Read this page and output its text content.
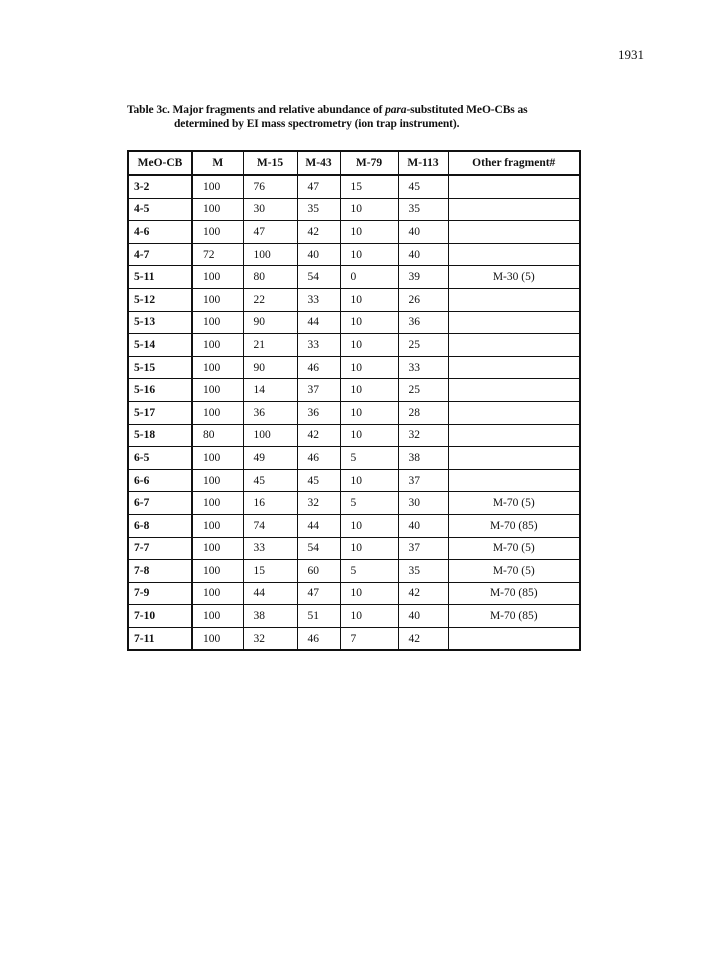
1931
Table 3c. Major fragments and relative abundance of para-substituted MeO-CBs as
determined by EI mass spectrometry (ion trap instrument).
MeO-CB	M	M-15	M-43	M-79	M-113	Other fragment#
3-2	100	76	47	15	45	
4-5	100	30	35	10	35	
4-6	100	47	42	10	40	
4-7	72	100	40	10	40	
5-11	100	80	54	0	39	M-30 (5)
5-12	100	22	33	10	26	
5-13	100	90	44	10	36	
5-14	100	21	33	10	25	
5-15	100	90	46	10	33	
5-16	100	14	37	10	25	
5-17	100	36	36	10	28	
5-18	80	100	42	10	32	
6-5	100	49	46	5	38	
6-6	100	45	45	10	37	
6-7	100	16	32	5	30	M-70 (5)
6-8	100	74	44	10	40	M-70 (85)
7-7	100	33	54	10	37	M-70 (5)
7-8	100	15	60	5	35	M-70 (5)
7-9	100	44	47	10	42	M-70 (85)
7-10	100	38	51	10	40	M-70 (85)
7-11	100	32	46	7	42	
